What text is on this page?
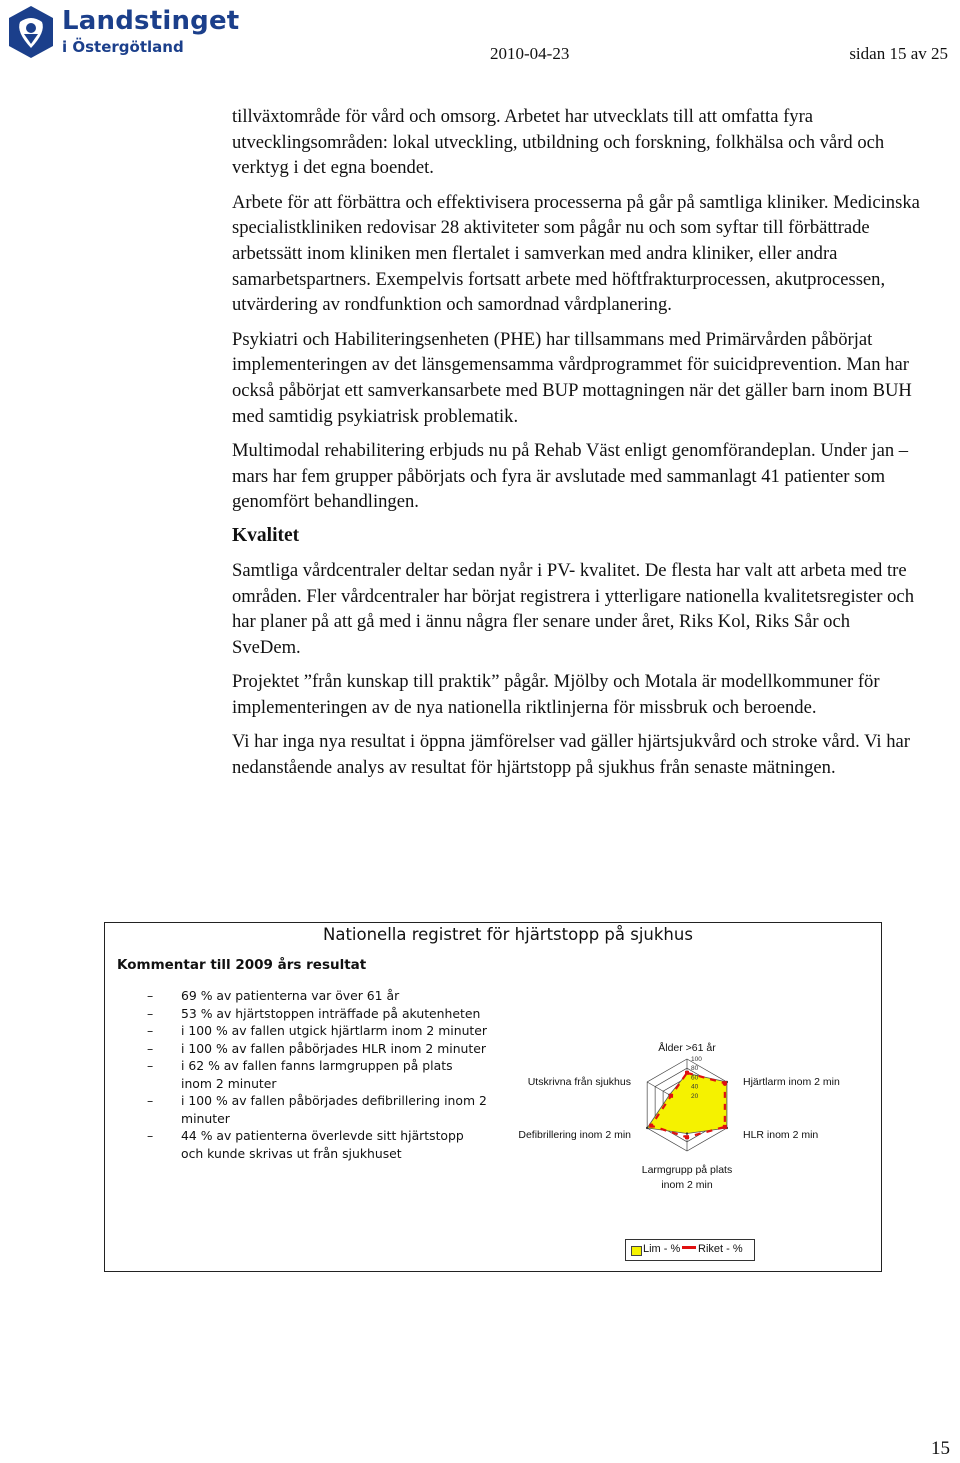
Landstinget
i Östergötland	2010-04-23	sidan 15 av 25

tillväxtområde för vård och omsorg. Arbetet har utvecklats till att omfatta fyra utvecklingsområden: lokal utveckling, utbildning och forskning, folkhälsa och vård och verktyg i det egna boendet.

Arbete för att förbättra och effektivisera processerna på går på samtliga kliniker. Medicinska specialistkliniken redovisar 28 aktiviteter som pågår nu och som syftar till förbättrade arbetssätt inom kliniken men flertalet i samverkan med andra kliniker, eller andra samarbetspartners. Exempelvis fortsatt arbete med höftfrakturprocessen, akutprocessen, utvärdering av rondfunktion och samordnad vårdplanering.

Psykiatri och Habiliteringsenheten (PHE) har tillsammans med Primärvården påbörjat implementeringen av det länsgemensamma vårdprogrammet för suicidprevention. Man har också påbörjat ett samverkansarbete med BUP mottagningen när det gäller barn inom BUH med samtidig psykiatrisk problematik.

Multimodal rehabilitering erbjuds nu på Rehab Väst enligt genomförandeplan. Under jan – mars har fem grupper påbörjats och fyra är avslutade med sammanlagt 41 patienter som genomfört behandlingen.

Kvalitet

Samtliga vårdcentraler deltar sedan nyår i PV- kvalitet. De flesta har valt att arbeta med tre områden. Fler vårdcentraler har börjat registrera i ytterligare nationella kvalitetsregister och har planer på att gå med i ännu några fler senare under året, Riks Kol, Riks Sår och SveDem.

Projektet ”från kunskap till praktik” pågår. Mjölby och Motala är modellkommuner för implementeringen av de nya nationella riktlinjerna för missbruk och beroende.

Vi har inga nya resultat i öppna jämförelser vad gäller hjärtsjukvård och stroke vård. Vi har nedanstående analys av resultat för hjärtstopp på sjukhus från senaste mätningen.

Nationella registret för hjärtstopp på sjukhus
Kommentar till 2009 års resultat
– 69 % av patienterna var över 61 år
– 53 % av hjärtstoppen inträffade på akutenheten
– i 100 % av fallen utgick hjärtlarm inom 2 minuter
– i 100 % av fallen påbörjades HLR inom 2 minuter
– i 62 % av fallen fanns larmgruppen på plats inom 2 minuter
– i 100 % av fallen påbörjades defibrillering inom 2 minuter
– 44 % av patienterna överlevde sitt hjärtstopp och kunde skrivas ut från sjukhuset
100
80
60
40
20
Ålder >61 år
Hjärtlarm inom 2 min
HLR inom 2 min
Larmgrupp på plats
inom 2 min
Defibrillering inom 2 min
Utskrivna från sjukhus
Lim - % Riket - %
15
